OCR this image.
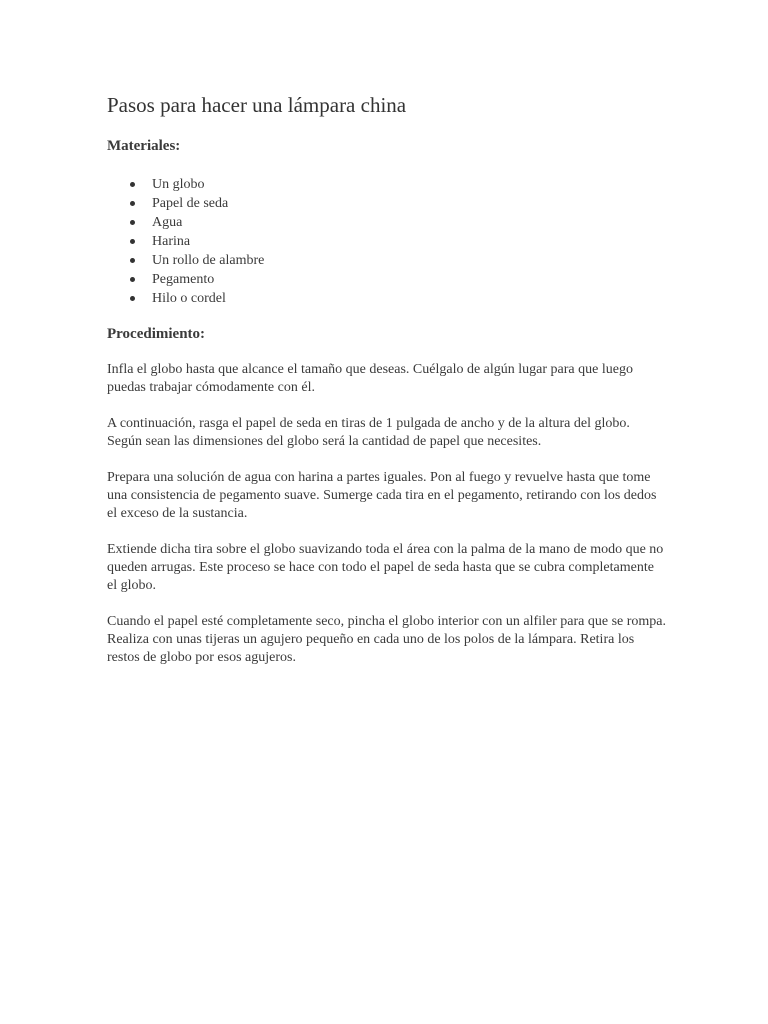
Pasos para hacer una lámpara china
Materiales:
Un globo
Papel de seda
Agua
Harina
Un rollo de alambre
Pegamento
Hilo o cordel
Procedimiento:

Infla el globo hasta que alcance el tamaño que deseas. Cuélgalo de algún lugar para que luego puedas trabajar cómodamente con él.

A continuación, rasga el papel de seda en tiras de 1 pulgada de ancho y de la altura del globo. Según sean las dimensiones del globo será la cantidad de papel que necesites.

Prepara una solución de agua con harina a partes iguales. Pon al fuego y revuelve hasta que tome una consistencia de pegamento suave. Sumerge cada tira en el pegamento, retirando con los dedos el exceso de la sustancia.

Extiende dicha tira sobre el globo suavizando toda el área con la palma de la mano de modo que no queden arrugas. Este proceso se hace con todo el papel de seda hasta que se cubra completamente el globo.

Cuando el papel esté completamente seco, pincha el globo interior con un alfiler para que se rompa. Realiza con unas tijeras un agujero pequeño en cada uno de los polos de la lámpara. Retira los restos de globo por esos agujeros.
